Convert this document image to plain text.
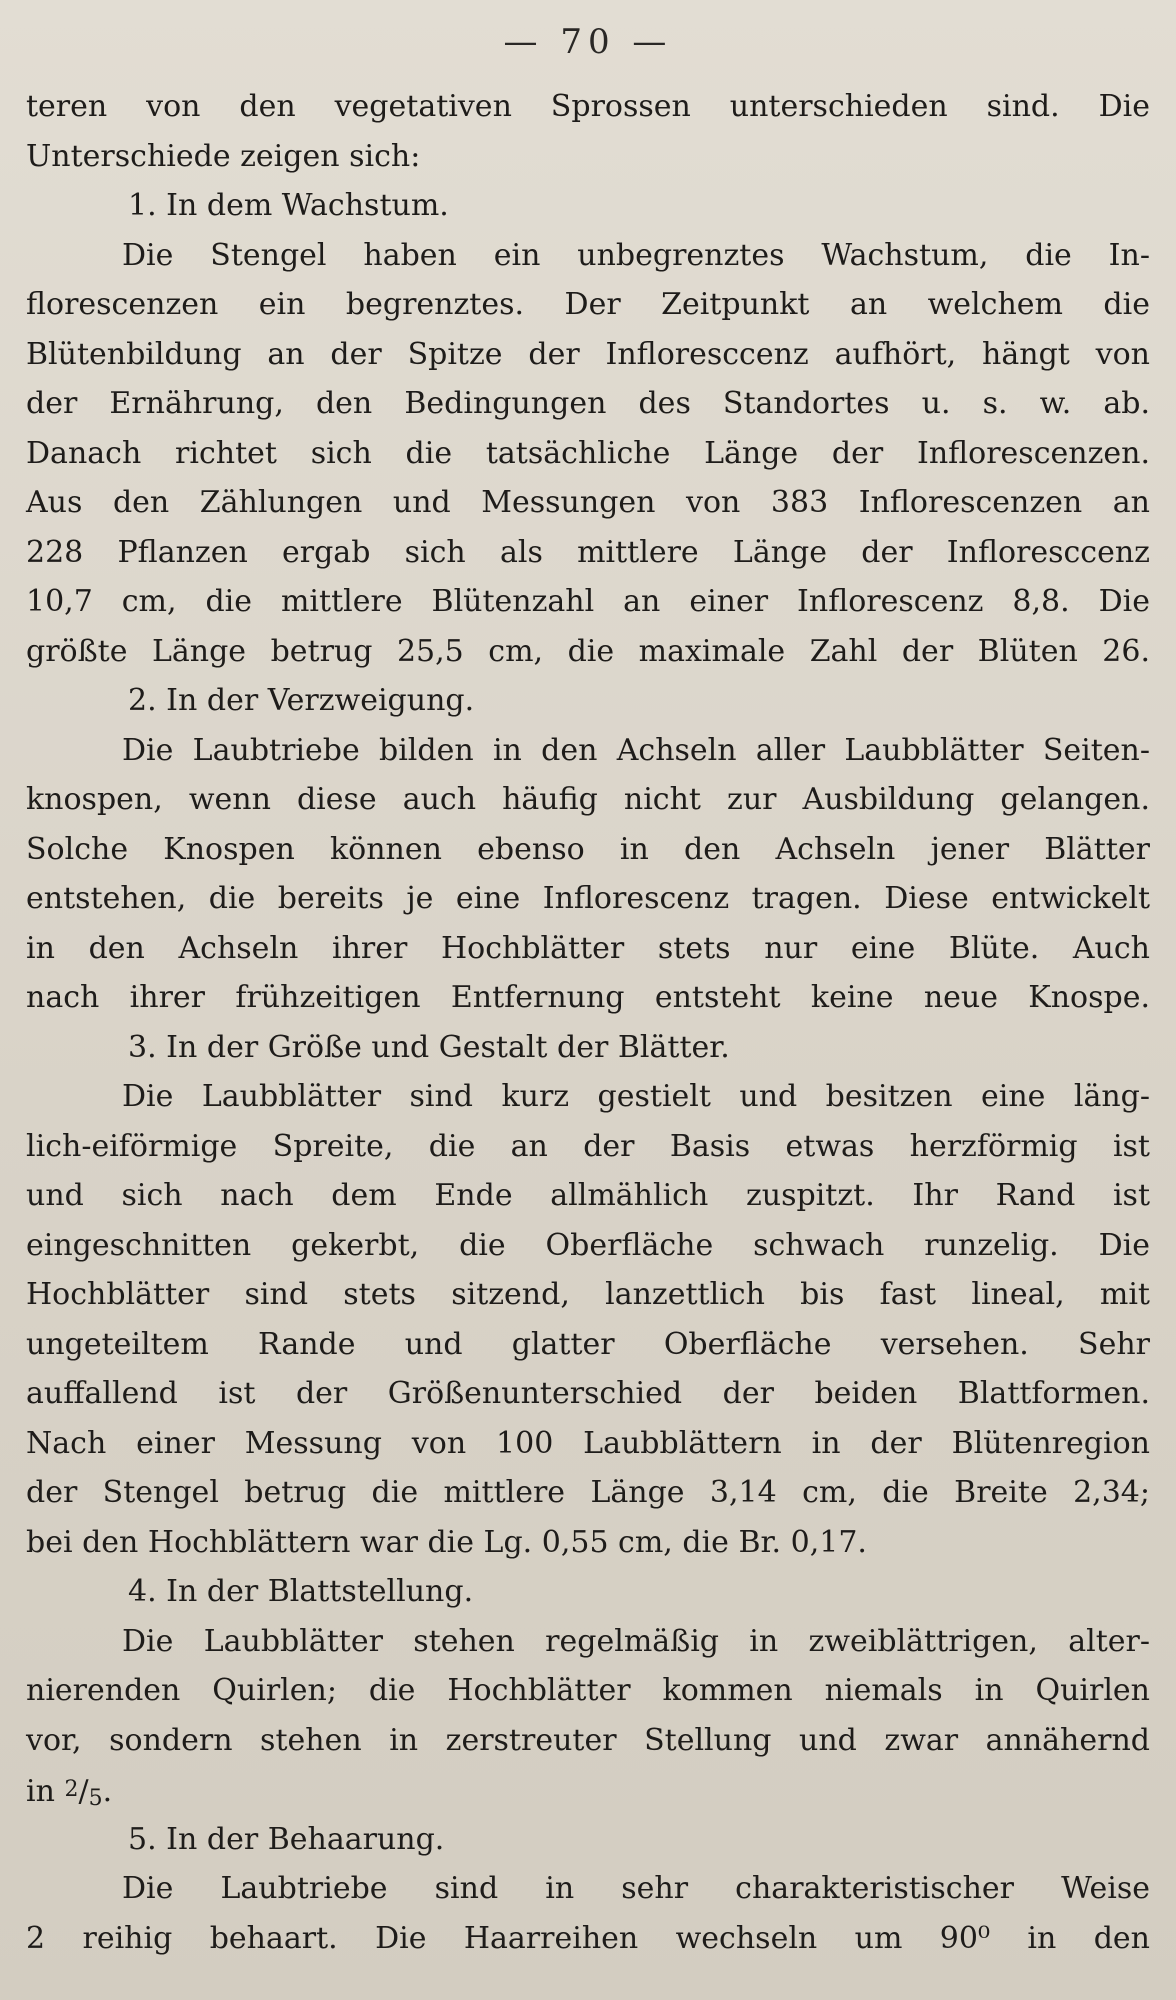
— 70 —
teren von den vegetativen Sprossen unterschieden sind. Die
Unterschiede zeigen sich:
1. In dem Wachstum.
Die Stengel haben ein unbegrenztes Wachstum, die In-
florescenzen ein begrenztes. Der Zeitpunkt an welchem die
Blütenbildung an der Spitze der Infloresccenz aufhört, hängt von
der Ernährung, den Bedingungen des Standortes u. s. w. ab.
Danach richtet sich die tatsächliche Länge der Inflorescenzen.
Aus den Zählungen und Messungen von 383 Inflorescenzen an
228 Pflanzen ergab sich als mittlere Länge der Infloresccenz
10,7 cm, die mittlere Blütenzahl an einer Inflorescenz 8,8. Die
größte Länge betrug 25,5 cm, die maximale Zahl der Blüten 26.
2. In der Verzweigung.
Die Laubtriebe bilden in den Achseln aller Laubblätter Seiten-
knospen, wenn diese auch häufig nicht zur Ausbildung gelangen.
Solche Knospen können ebenso in den Achseln jener Blätter
entstehen, die bereits je eine Inflorescenz tragen. Diese entwickelt
in den Achseln ihrer Hochblätter stets nur eine Blüte. Auch
nach ihrer frühzeitigen Entfernung entsteht keine neue Knospe.
3. In der Größe und Gestalt der Blätter.
Die Laubblätter sind kurz gestielt und besitzen eine läng-
lich-eiförmige Spreite, die an der Basis etwas herzförmig ist
und sich nach dem Ende allmählich zuspitzt. Ihr Rand ist
eingeschnitten gekerbt, die Oberfläche schwach runzelig. Die
Hochblätter sind stets sitzend, lanzettlich bis fast lineal, mit
ungeteiltem Rande und glatter Oberfläche versehen. Sehr
auffallend ist der Größenunterschied der beiden Blattformen.
Nach einer Messung von 100 Laubblättern in der Blütenregion
der Stengel betrug die mittlere Länge 3,14 cm, die Breite 2,34;
bei den Hochblättern war die Lg. 0,55 cm, die Br. 0,17.
4. In der Blattstellung.
Die Laubblätter stehen regelmäßig in zweiblättrigen, alter-
nierenden Quirlen; die Hochblätter kommen niemals in Quirlen
vor, sondern stehen in zerstreuter Stellung und zwar annähernd
in 2/5.
5. In der Behaarung.
Die Laubtriebe sind in sehr charakteristischer Weise
2 reihig behaart. Die Haarreihen wechseln um 90⁰ in den
